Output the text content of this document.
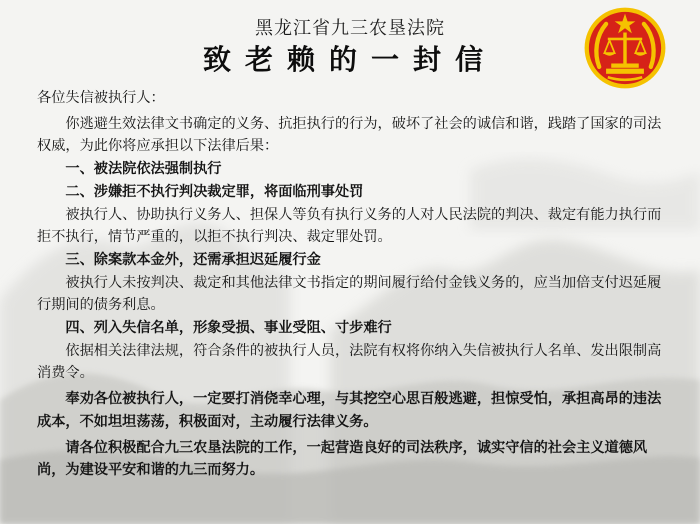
黑龙江省九三农垦法院
致老赖的一封信

各位失信被执行人：

你逃避生效法律文书确定的义务、抗拒执行的行为，破坏了社会的诚信和谐，践踏了国家的司法权威，为此你将应承担以下法律后果：

一、被法院依法强制执行

二、涉嫌拒不执行判决裁定罪，将面临刑事处罚

被执行人、协助执行义务人、担保人等负有执行义务的人对人民法院的判决、裁定有能力执行而拒不执行，情节严重的，以拒不执行判决、裁定罪处罚。

三、除案款本金外，还需承担迟延履行金

被执行人未按判决、裁定和其他法律文书指定的期间履行给付金钱义务的，应当加倍支付迟延履行期间的债务利息。

四、列入失信名单，形象受损、事业受阻、寸步难行

依据相关法律法规，符合条件的被执行人员，法院有权将你纳入失信被执行人名单、发出限制高消费令。

奉劝各位被执行人，一定要打消侥幸心理，与其挖空心思百般逃避，担惊受怕，承担高昂的违法成本，不如坦坦荡荡，积极面对，主动履行法律义务。

请各位积极配合九三农垦法院的工作，一起营造良好的司法秩序，诚实守信的社会主义道德风尚，为建设平安和谐的九三而努力。
